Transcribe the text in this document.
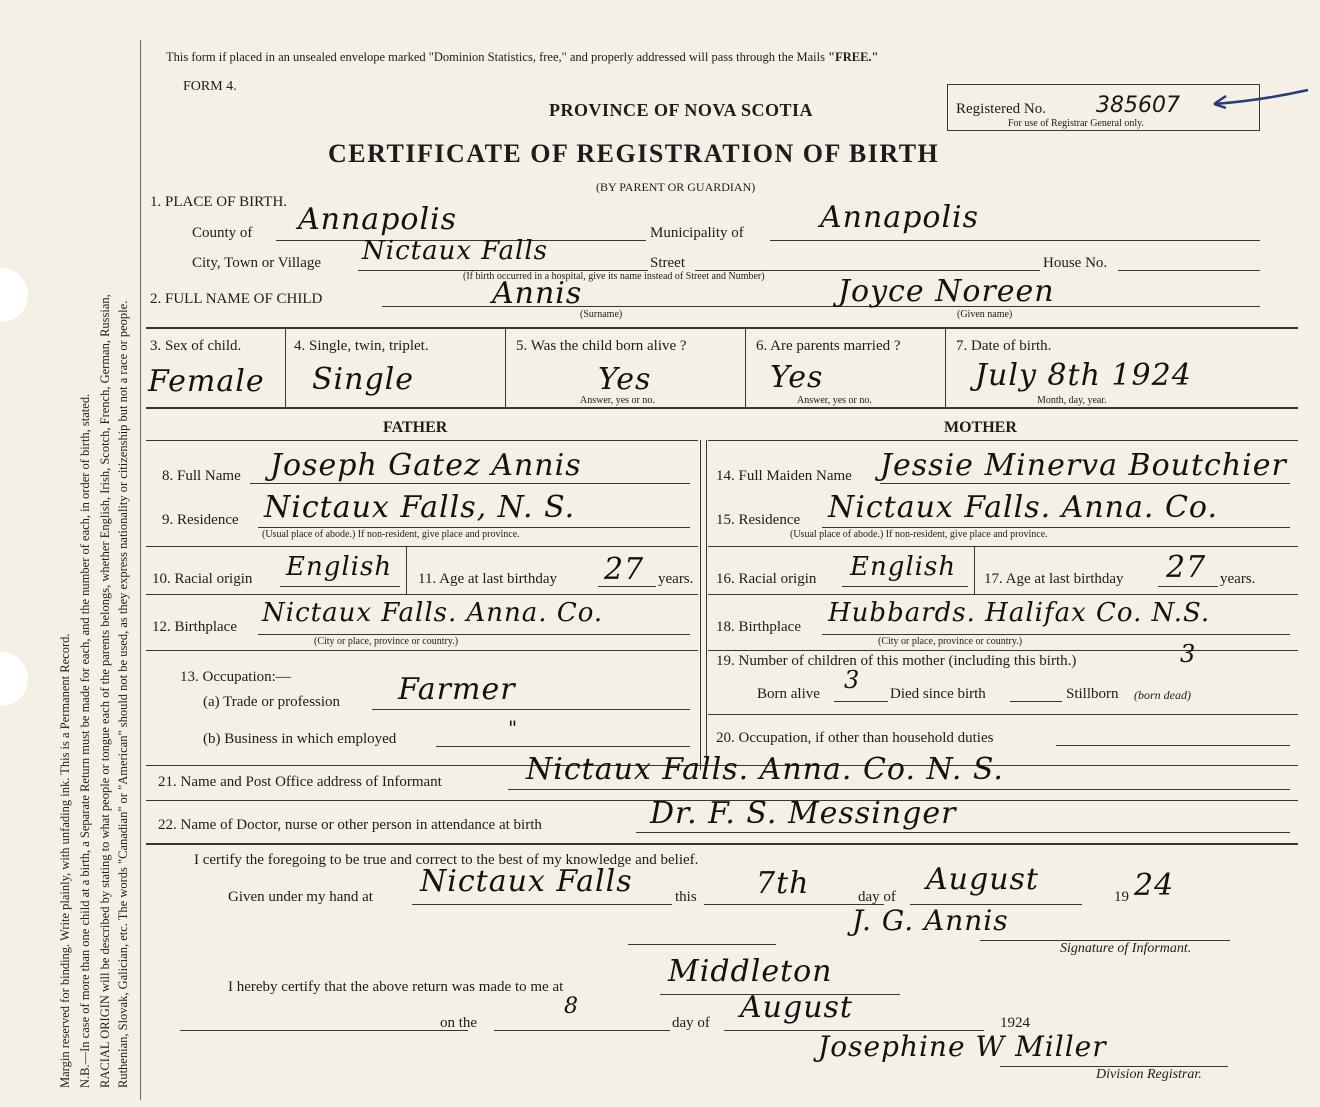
Margin reserved for binding. Write plainly, with unfading ink. This is a Permanent Record. N.B.—In case of more than one child at a birth, a Separate Return must be made for each, and the number of each, in order of birth, stated. RACIAL ORIGIN will be described by stating to what people or tongue each of the parents belongs, whether English, Irish, Scotch, French, German, Russian, Ruthenian, Slovak, Galician, etc. The words "Canadian" or "American" should not be used, as they express nationality or citizenship but not a race or people.
This form if placed in an unsealed envelope marked "Dominion Statistics, free," and properly addressed will pass through the Mails "FREE."
FORM 4.
PROVINCE OF NOVA SCOTIA
CERTIFICATE OF REGISTRATION OF BIRTH
(BY PARENT OR GUARDIAN)
Registered No. 385607
For use of Registrar General only.
1. PLACE OF BIRTH.
County of Annapolis	Municipality of	Annapolis
City, Town or Village Nictaux Falls	Street
(If birth occurred in a hospital, give its name instead of Street and Number)
House No.
2. FULL NAME OF CHILD	Annis
(Surname)
Joyce Noreen
(Given name)
3. Sex of child.
Female
4. Single, twin, triplet.
Single
5. Was the child born alive ?
Yes
Answer, yes or no.
6. Are parents married ?
Yes
Answer, yes or no.
7. Date of birth.
July 8th 1924
Month, day, year.
FATHER	MOTHER
8. Full Name Joseph Gatez Annis	14. Full Maiden Name Jessie Minerva Boutchier
9. Residence Nictaux Falls, N. S.
(Usual place of abode.) If non-resident, give place and province.
15. Residence Nictaux Falls. Anna. Co.
(Usual place of abode.) If non-resident, give place and province.
10. Racial origin English 11. Age at last birthday 27 years. 16. Racial origin English 17. Age at last birthday 27 years.
12. Birthplace Nictaux Falls. Anna. Co.
(City or place, province or country.)
18. Birthplace Hubbards. Halifax Co. N.S.
(City or place, province or country.)
13. Occupation:—
(a) Trade or profession Farmer
(b) Business in which employed	"
19. Number of children of this mother (including this birth.)	3
Born alive 3 Died since birth	Stillborn (born dead)
20. Occupation, if other than household duties
21. Name and Post Office address of Informant	Nictaux Falls. Anna. Co. N. S.
22. Name of Doctor, nurse or other person in attendance at birth	Dr. F. S. Messinger
I certify the foregoing to be true and correct to the best of my knowledge and belief.
Given under my hand at Nictaux Falls	this 7th	day of August	19 24
J. G. Annis
Signature of Informant.
I hereby certify that the above return was made to me at	Middleton
on the
8
day of August	1924
Josephine W Miller
Division Registrar.
